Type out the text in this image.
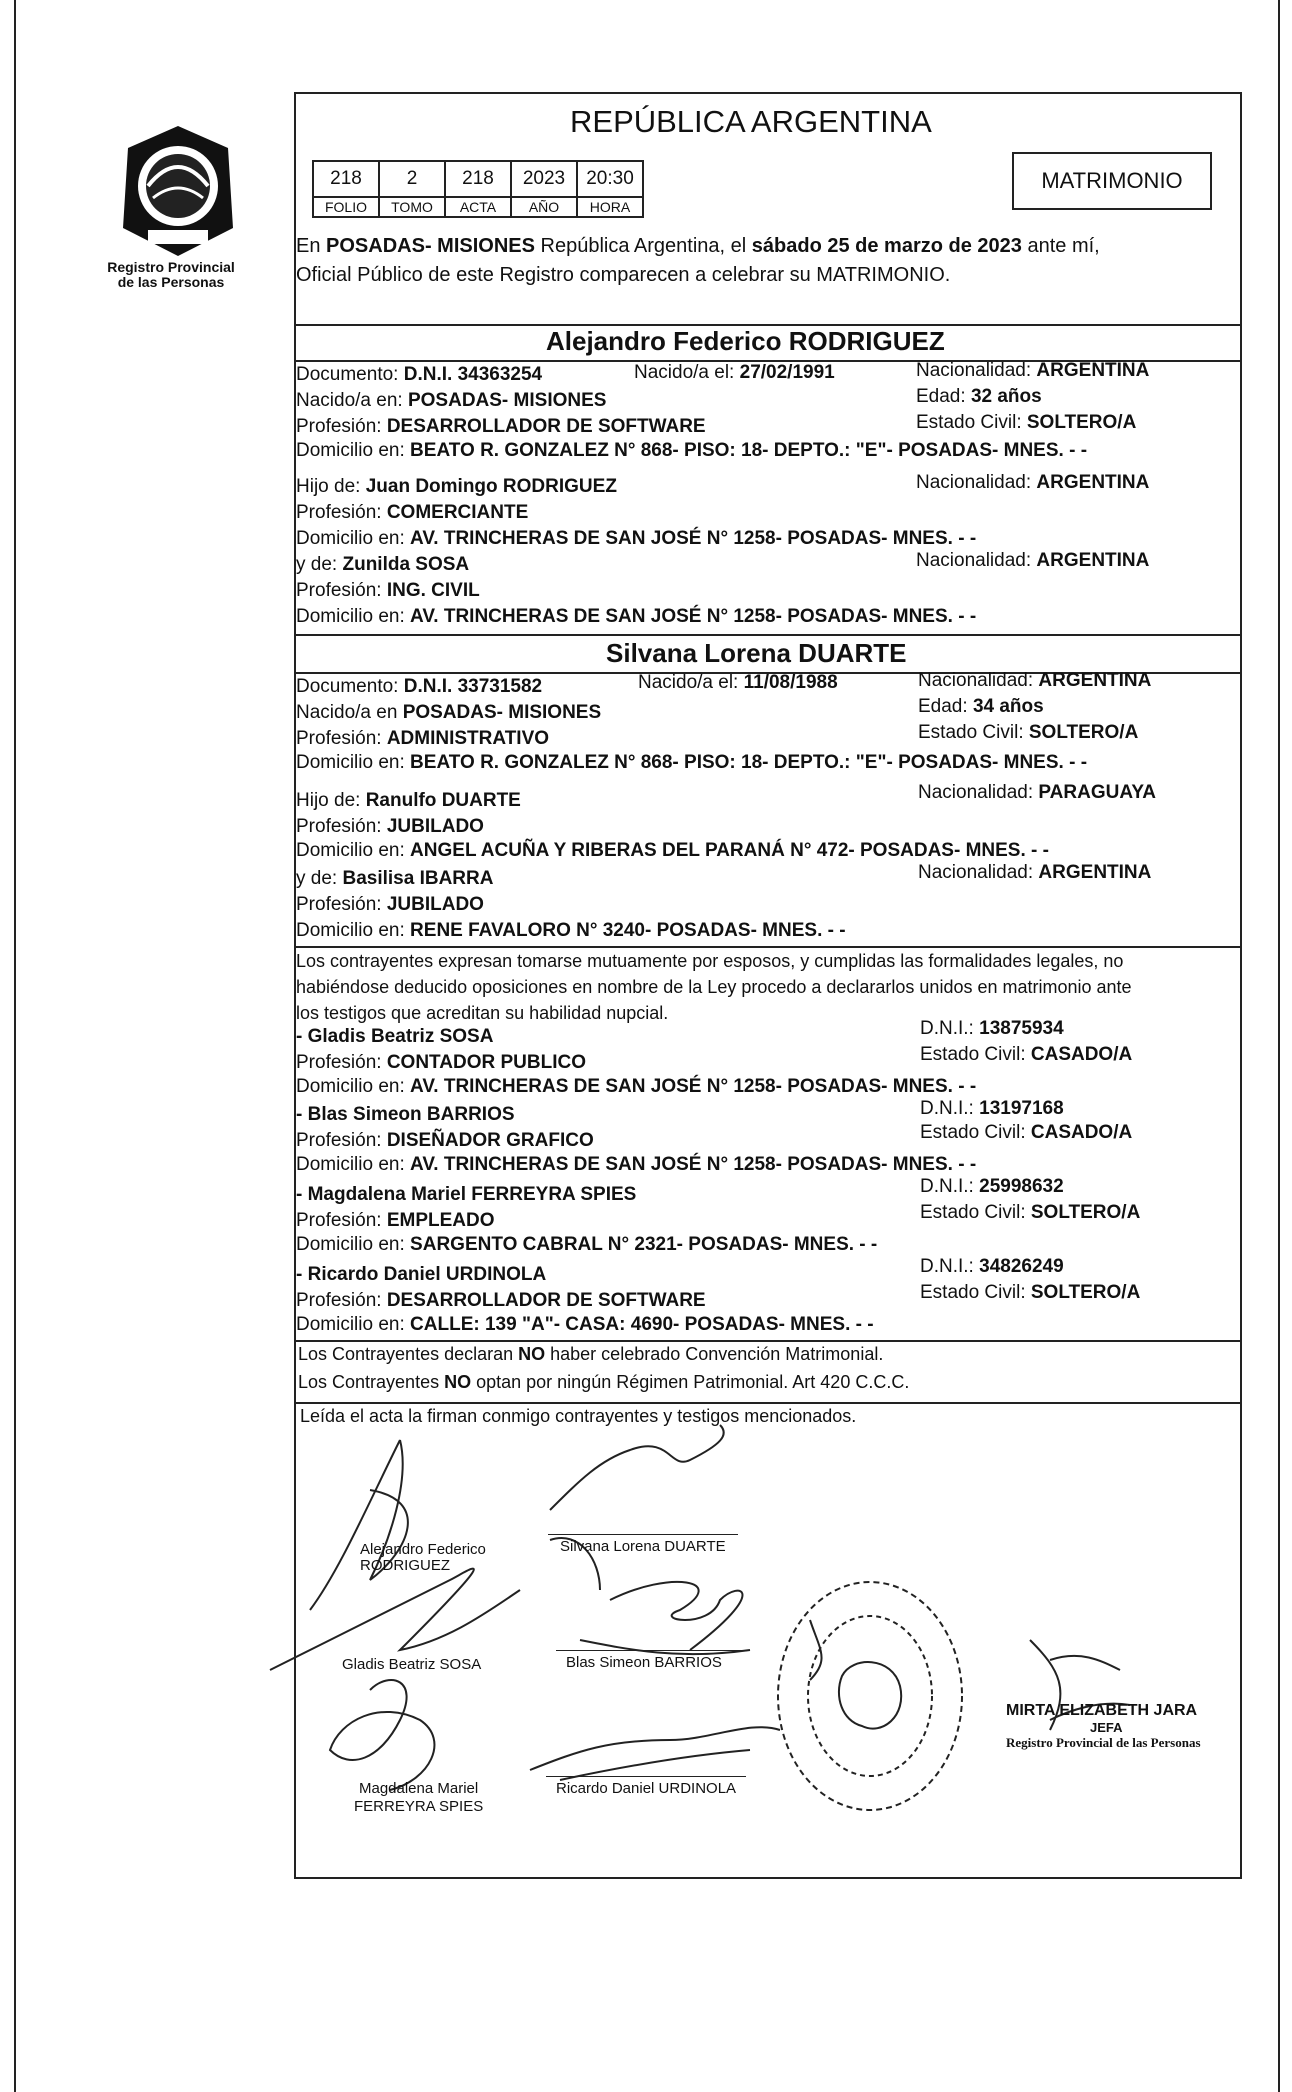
Registro Provincial
de las Personas
REPÚBLICA ARGENTINA
218	2	218	2023	20:30
FOLIO	TOMO	ACTA	AÑO	HORA
MATRIMONIO
En POSADAS- MISIONES República Argentina, el sábado 25 de marzo de 2023 ante mí,
Oficial Público de este Registro comparecen a celebrar su MATRIMONIO.
Alejandro Federico RODRIGUEZ
Documento: D.N.I. 34363254	Nacido/a el: 27/02/1991	Nacionalidad: ARGENTINA
Nacido/a en: POSADAS- MISIONES	Edad: 32 años
Profesión: DESARROLLADOR DE SOFTWARE	Estado Civil: SOLTERO/A
Domicilio en: BEATO R. GONZALEZ N° 868- PISO: 18- DEPTO.: "E"- POSADAS- MNES. - -
Hijo de: Juan Domingo RODRIGUEZ	Nacionalidad: ARGENTINA
Profesión: COMERCIANTE
Domicilio en: AV. TRINCHERAS DE SAN JOSÉ N° 1258- POSADAS- MNES. - -
y de: Zunilda SOSA	Nacionalidad: ARGENTINA
Profesión: ING. CIVIL
Domicilio en: AV. TRINCHERAS DE SAN JOSÉ N° 1258- POSADAS- MNES. - -
Silvana Lorena DUARTE
Documento: D.N.I. 33731582	Nacido/a el: 11/08/1988	Nacionalidad: ARGENTINA
Nacido/a en POSADAS- MISIONES	Edad: 34 años
Profesión: ADMINISTRATIVO	Estado Civil: SOLTERO/A
Domicilio en: BEATO R. GONZALEZ N° 868- PISO: 18- DEPTO.: "E"- POSADAS- MNES. - -
Hijo de: Ranulfo DUARTE	Nacionalidad: PARAGUAYA
Profesión: JUBILADO
Domicilio en: ANGEL ACUÑA Y RIBERAS DEL PARANÁ N° 472- POSADAS- MNES. - -
y de: Basilisa IBARRA	Nacionalidad: ARGENTINA
Profesión: JUBILADO
Domicilio en: RENE FAVALORO N° 3240- POSADAS- MNES. - -
Los contrayentes expresan tomarse mutuamente por esposos, y cumplidas las formalidades legales, no
habiéndose deducido oposiciones en nombre de la Ley procedo a declararlos unidos en matrimonio ante
los testigos que acreditan su habilidad nupcial.
- Gladis Beatriz SOSA	D.N.I.: 13875934
Profesión: CONTADOR PUBLICO	Estado Civil: CASADO/A
Domicilio en: AV. TRINCHERAS DE SAN JOSÉ N° 1258- POSADAS- MNES. - -
- Blas Simeon BARRIOS	D.N.I.: 13197168
Profesión: DISEÑADOR GRAFICO	Estado Civil: CASADO/A
Domicilio en: AV. TRINCHERAS DE SAN JOSÉ N° 1258- POSADAS- MNES. - -
- Magdalena Mariel FERREYRA SPIES	D.N.I.: 25998632
Profesión: EMPLEADO	Estado Civil: SOLTERO/A
Domicilio en: SARGENTO CABRAL N° 2321- POSADAS- MNES. - -
- Ricardo Daniel URDINOLA	D.N.I.: 34826249
Profesión: DESARROLLADOR DE SOFTWARE	Estado Civil: SOLTERO/A
Domicilio en: CALLE: 139 "A"- CASA: 4690- POSADAS- MNES. - -
Los Contrayentes declaran NO haber celebrado Convención Matrimonial.
Los Contrayentes NO optan por ningún Régimen Patrimonial. Art 420 C.C.C.
Leída el acta la firman conmigo contrayentes y testigos mencionados.
Alejandro Federico
RODRIGUEZ
Silvana Lorena DUARTE
Gladis Beatriz SOSA	Blas Simeon BARRIOS
Magdalena Mariel
FERREYRA SPIES
Ricardo Daniel URDINOLA
MIRTA ELIZABETH JARA
JEFA
Registro Provincial de las Personas
